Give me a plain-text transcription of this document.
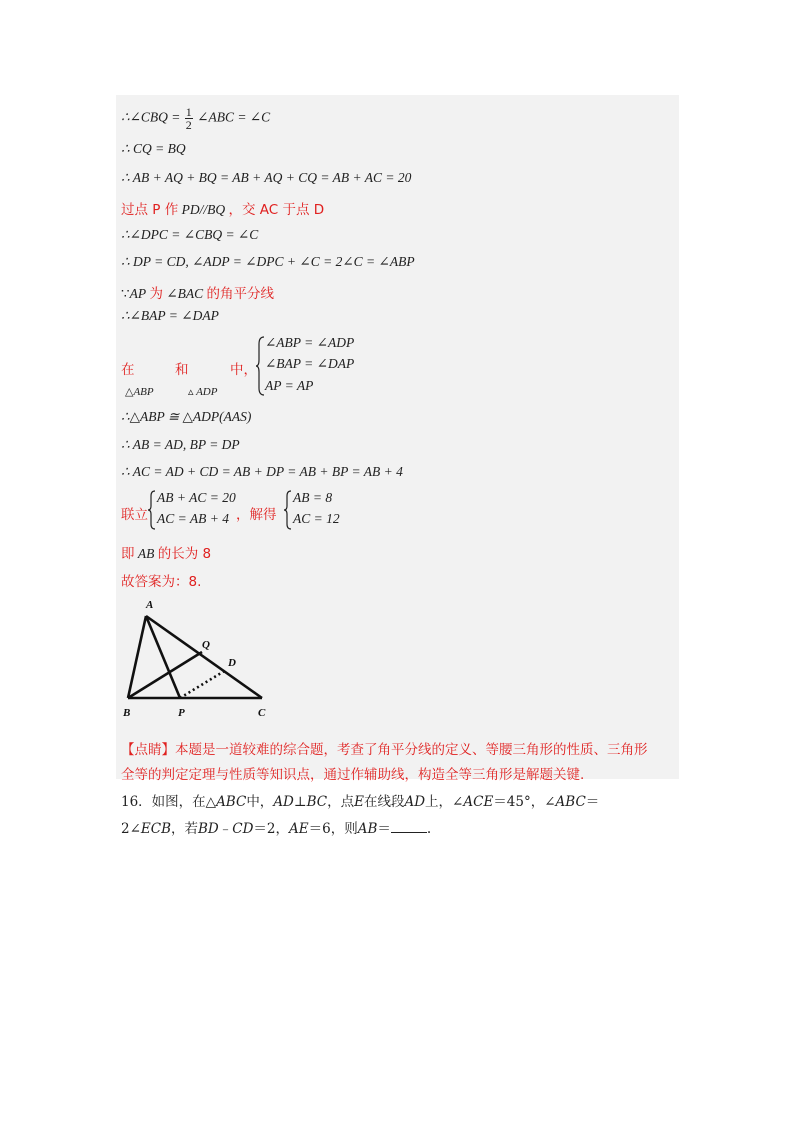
∴∠CBQ = $\frac{1}{2}$ ∠ABC = ∠C
∴ CQ = BQ
∴ AB + AQ + BQ = AB + AQ + CQ = AB + AC = 20
过点 P 作 PD//BQ ，交 AC 于点 D
∴∠DPC = ∠CBQ = ∠C
∴ DP = CD, ∠ADP = ∠DPC + ∠C = 2∠C = ∠ABP
∵AP 为 ∠BAC 的角平分线
∴∠BAP = ∠DAP
在	和	中，
△ABP	▵ ADP
∠ABP = ∠ADP
∠BAP = ∠DAP
AP = AP
∴△ABP ≅ △ADP(AAS)
∴ AB = AD, BP = DP
∴ AC = AD + CD = AB + DP = AB + BP = AB + 4
联立
AB + AC = 20
AC = AB + 4 ，解得
AB = 8
AC = 12
即 AB 的长为 8
故答案为：8.
A
B	C
P
Q
D
【点睛】本题是一道较难的综合题，考查了角平分线的定义、等腰三角形的性质、三角形
全等的判定定理与性质等知识点，通过作辅助线，构造全等三角形是解题关键.
16．如图，在△ABC中，AD⊥BC，点E在线段AD上，∠ACE＝45°，∠ABC＝
2∠ECB，若BD﹣CD＝2，AE＝6，则AB＝	.
